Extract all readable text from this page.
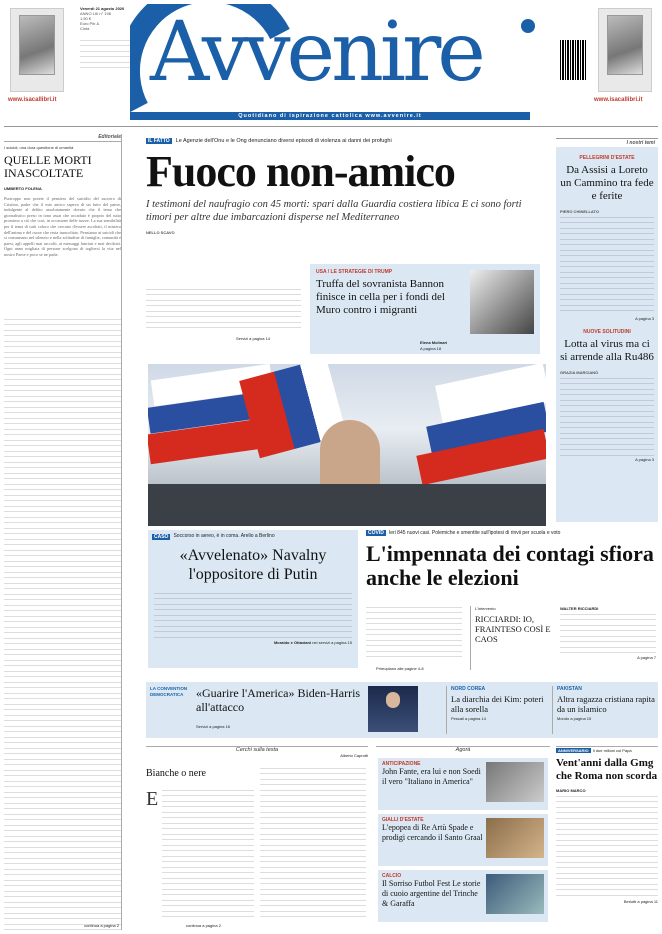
www.isacallibri.it
Venerdì 21 agosto 2020
ANNO LIII n° 198
1,50 €
Euro Pib &
Cinta Avvenire	www.isacallibri.it
Quotidiano di ispirazione cattolica www.avvenire.it
Editoriale
I suicidi, una dura questione di umanità
QUELLE MORTI INASCOLTATE
UMBERTO FOLENA
Purtroppo non potete il pensiero del suicidio del suocero di Cristina, padre che il mio amico sapeva di un lutto del paese, indulgente al delitto assolutamente dovuto che il tema che giornalistico preso in tono assai che accaduto è proprio del tutto prossimo a ciò che così, in occasione delle nozze. La sua sensibilità per il tema di tutti coloro che cercano d'essere ascoltati, il mistero dell'anima e del cuore che resta inascoltato. Pensiamo ai suicidi che si consumano nel silenzio e nella solitudine di famiglie, comunità e paesi, agli appelli mai raccolti, ai messaggi lanciati e mai decifrati. Ogni anno migliaia di persone scelgono di togliersi la vita nel nostro Paese e poco se ne parla.
continua a pagina 2
IL FATTO	Le Agenzie dell'Onu e le Ong denunciano diversi episodi di violenza ai danni dei profughi
Fuoco non-amico
I testimoni del naufragio con 45 morti: spari dalla Guardia costiera libica E ci sono forti timori per altre due imbarcazioni disperse nel Mediterraneo
NELLO SCAVO
Servizi a pagina 14
USA / LE STRATEGIE DI TRUMP
Truffa del sovranista Bannon finisce in cella per i fondi del Muro contro i migranti
Elena Molinari
A pagina 18
I nostri temi
PELLEGRINI D'ESTATE
Da Assisi a Loreto un Cammino tra fede e ferite
PIERO CHINELLATO
A pagina 3
NUOVE SOLITUDINI
Lotta al virus ma ci si arrende alla Ru486
GRAZIA MARCIANÒ
A pagina 3
CASO	Soccorso in aereo, è in coma. Arelio a Berlino
«Avvelenato» Navalny l'oppositore di Putin
Moraldo e Ottaviani nei servizi a pagina 15
COVID	Ieri 845 nuovi casi. Polemiche e smentite sull'ipotesi di rinvii per scuola e voto
L'impennata dei contagi sfiora anche le elezioni
Primopiano alle pagine 4-8
L'intervento
RICCIARDI: IO, FRAINTESO COSÌ E CAOS
WALTER RICCIARDI
A pagina 7
LA CONVENTION DEMOCRATICA	«Guarire l'America» Biden-Harris all'attacco
Servizi a pagina 16
NORD COREA
La diarchia dei Kim: poteri alla sorella
Pescali a pagina 14
PAKISTAN
Altra ragazza cristiana rapita da un islamico
Mondo a pagina 15
Cerchi sulla testa
Alberto Caprotti
Bianche o nere
E
continua a pagina 2
Agorà
ANTICIPAZIONE
John Fante, era lui e non Soedi il vero "Italiano in America"
GIALLI D'ESTATE
L'epopea di Re Artù Spade e prodigi cercando il Santo Graal
CALCIO
Il Sorriso Futbol Fest Le storie di cuoio argentine del Trinche & Garaffa
ANNIVERSARIO	Il due milioni col Papa
Vent'anni dalla Gmg che Roma non scorda
MARIO MARCO
Berlotti a pagina 11
